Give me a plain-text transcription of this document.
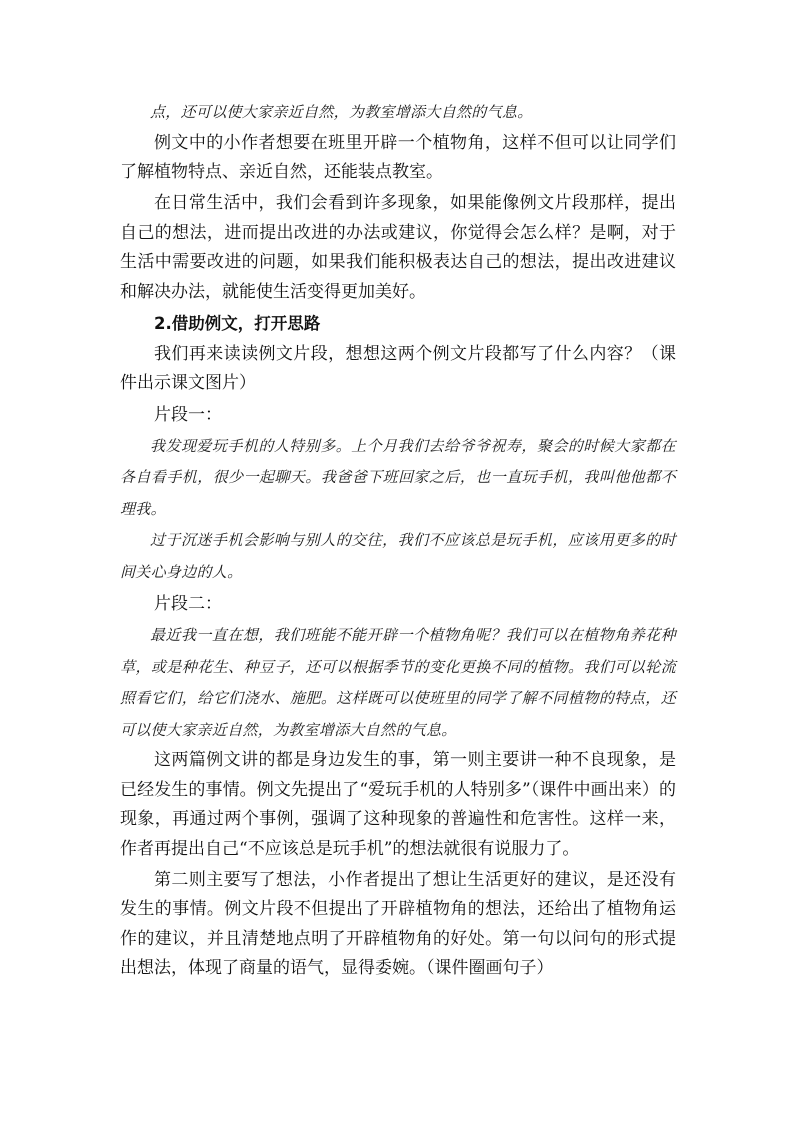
点，还可以使大家亲近自然，为教室增添大自然的气息。

例文中的小作者想要在班里开辟一个植物角，这样不但可以让同学们了解植物特点、亲近自然，还能装点教室。

在日常生活中，我们会看到许多现象，如果能像例文片段那样，提出自己的想法，进而提出改进的办法或建议，你觉得会怎么样？是啊，对于生活中需要改进的问题，如果我们能积极表达自己的想法，提出改进建议和解决办法，就能使生活变得更加美好。

2.借助例文，打开思路

我们再来读读例文片段，想想这两个例文片段都写了什么内容？（课件出示课文图片）

片段一：

我发现爱玩手机的人特别多。上个月我们去给爷爷祝寿，聚会的时候大家都在各自看手机，很少一起聊天。我爸爸下班回家之后，也一直玩手机，我叫他他都不理我。

过于沉迷手机会影响与别人的交往，我们不应该总是玩手机，应该用更多的时间关心身边的人。

片段二：

最近我一直在想，我们班能不能开辟一个植物角呢？我们可以在植物角养花种草，或是种花生、种豆子，还可以根据季节的变化更换不同的植物。我们可以轮流照看它们，给它们浇水、施肥。这样既可以使班里的同学了解不同植物的特点，还可以使大家亲近自然，为教室增添大自然的气息。

这两篇例文讲的都是身边发生的事，第一则主要讲一种不良现象，是已经发生的事情。例文先提出了“爱玩手机的人特别多”（课件中画出来）的现象，再通过两个事例，强调了这种现象的普遍性和危害性。这样一来，作者再提出自己“不应该总是玩手机”的想法就很有说服力了。

第二则主要写了想法，小作者提出了想让生活更好的建议，是还没有发生的事情。例文片段不但提出了开辟植物角的想法，还给出了植物角运作的建议，并且清楚地点明了开辟植物角的好处。第一句以问句的形式提出想法，体现了商量的语气，显得委婉。（课件圈画句子）
